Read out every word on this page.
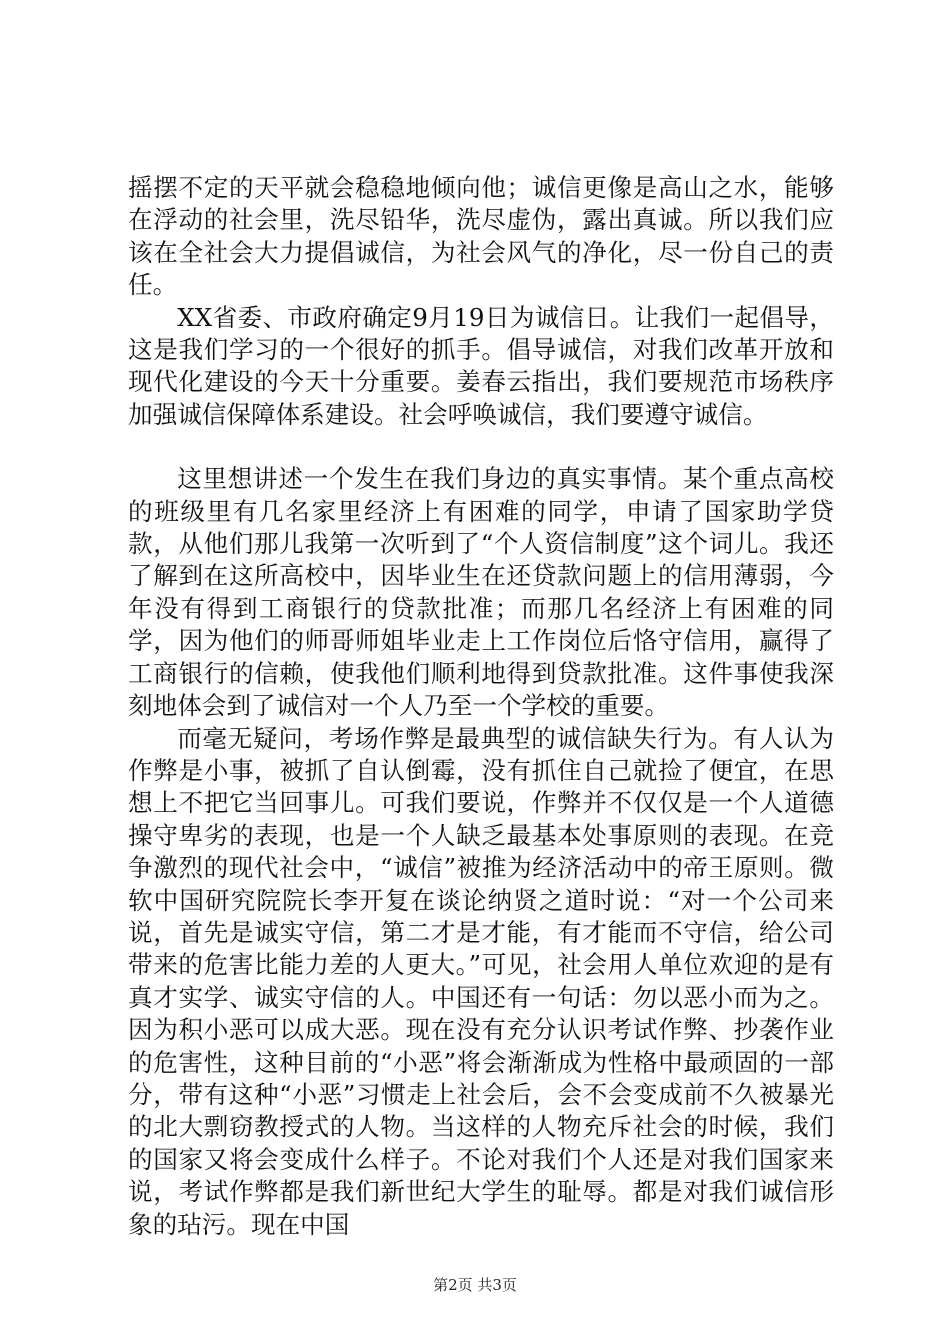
摇摆不定的天平就会稳稳地倾向他；诚信更像是高山之水，能够在浮动的社会里，洗尽铅华，洗尽虚伪，露出真诚。所以我们应该在全社会大力提倡诚信，为社会风气的净化，尽一份自己的责任。

XX省委、市政府确定9月19日为诚信日。让我们一起倡导，这是我们学习的一个很好的抓手。倡导诚信，对我们改革开放和现代化建设的今天十分重要。姜春云指出，我们要规范市场秩序加强诚信保障体系建设。社会呼唤诚信，我们要遵守诚信。

这里想讲述一个发生在我们身边的真实事情。某个重点高校的班级里有几名家里经济上有困难的同学，申请了国家助学贷款，从他们那儿我第一次听到了“个人资信制度”这个词儿。我还了解到在这所高校中，因毕业生在还贷款问题上的信用薄弱，今年没有得到工商银行的贷款批准；而那几名经济上有困难的同学，因为他们的师哥师姐毕业走上工作岗位后恪守信用，赢得了工商银行的信赖，使我他们顺利地得到贷款批准。这件事使我深刻地体会到了诚信对一个人乃至一个学校的重要。

而毫无疑问，考场作弊是最典型的诚信缺失行为。有人认为作弊是小事，被抓了自认倒霉，没有抓住自己就捡了便宜，在思想上不把它当回事儿。可我们要说，作弊并不仅仅是一个人道德操守卑劣的表现，也是一个人缺乏最基本处事原则的表现。在竞争激烈的现代社会中，“诚信”被推为经济活动中的帝王原则。微软中国研究院院长李开复在谈论纳贤之道时说：“对一个公司来说，首先是诚实守信，第二才是才能，有才能而不守信，给公司带来的危害比能力差的人更大。”可见，社会用人单位欢迎的是有真才实学、诚实守信的人。中国还有一句话：勿以恶小而为之。因为积小恶可以成大恶。现在没有充分认识考试作弊、抄袭作业的危害性，这种目前的“小恶”将会渐渐成为性格中最顽固的一部分，带有这种“小恶”习惯走上社会后，会不会变成前不久被暴光的北大剽窃教授式的人物。当这样的人物充斥社会的时候，我们的国家又将会变成什么样子。不论对我们个人还是对我们国家来说，考试作弊都是我们新世纪大学生的耻辱。都是对我们诚信形象的玷污。现在中国

第2页 共3页
